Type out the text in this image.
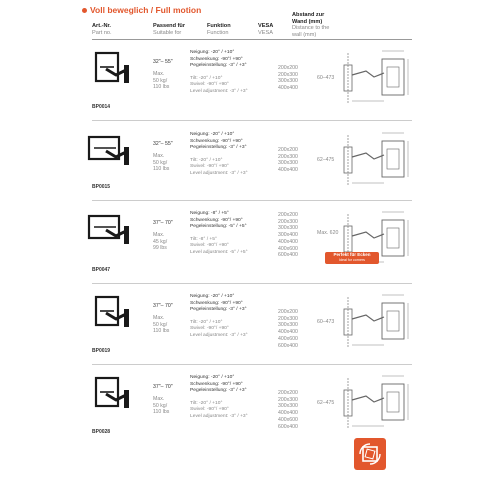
Voll beweglich / Full motion
Art.-Nr.
Part no.
Passend für
Suitable for
Funktion
Function
VESA
VESA
Abstand zur Wand (mm)
Distance to the wall (mm)
BP0014
32"– 55"
Max.
50 kg/
110 lbs
Neigung: -20° / +10°
Schwenkung: -90°/ +90°
Pegeleinstellung: -3° / +3°
Tilt: -20° / +10°
Swivel: -90°/ +90°
Level adjustment: -3° / +3°
200x200
200x300
300x300
400x400
60–473
BP0015
32"– 55"
Max.
50 kg/
110 lbs
Neigung: -20° / +10°
Schwenkung: -90°/ +90°
Pegeleinstellung: -3° / +3°
Tilt: -20° / +10°
Swivel: -90°/ +90°
Level adjustment: -3° / +3°
200x200
200x300
300x300
400x400
62–475
BP0047
37"– 70"
Max.
45 kg/
99 lbs
Neigung: -8° / +5°
Schwenkung: -90°/ +90°
Pegeleinstellung: -5° / +5°
Tilt: -8° / +5°
Swivel: -90°/ +90°
Level adjustment: -5° / +5°
200x200
200x300
300x300
300x400
400x400
400x600
600x400
Max. 620
Perfekt für Ecken
Ideal for corners
BP0019
37"– 70"
Max.
50 kg/
110 lbs
Neigung: -20° / +10°
Schwenkung: -90°/ +90°
Pegeleinstellung: -3° / +3°
Tilt: -20° / +10°
Swivel: -90°/ +90°
Level adjustment: -3° / +3°
200x200
200x300
300x300
400x400
400x600
600x400
60–473
BP0028
37"– 70"
Max.
50 kg/
110 lbs
Neigung: -20° / +10°
Schwenkung: -90°/ +90°
Pegeleinstellung: -3° / +3°
Tilt: -20° / +10°
Swivel: -90°/ +90°
Level adjustment: -3° / +3°
200x200
200x300
300x300
400x400
400x600
600x400
62–475
